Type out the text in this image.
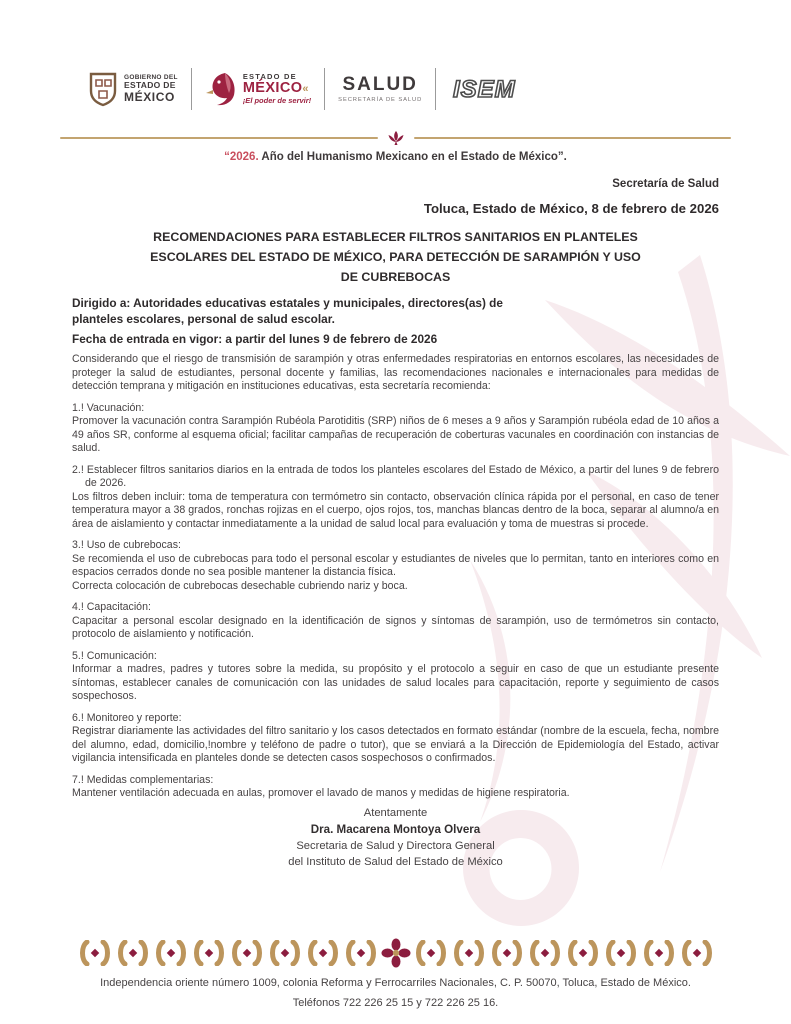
GOBIERNO DEL
ESTADO DE
MÉXICO
ESTADO DE
MÉXICO«
¡El poder de servir!
SALUD
SECRETARÍA DE SALUD ISEM

“2026. Año del Humanismo Mexicano en el Estado de México”.

Secretaría de Salud

Toluca, Estado de México, 8 de febrero de 2026

RECOMENDACIONES PARA ESTABLECER FILTROS SANITARIOS EN PLANTELES ESCOLARES DEL ESTADO DE MÉXICO, PARA DETECCIÓN DE SARAMPIÓN Y USO DE CUBREBOCAS

Dirigido a: Autoridades educativas estatales y municipales, directores(as) de planteles escolares, personal de salud escolar.

Fecha de entrada en vigor: a partir del lunes 9 de febrero de 2026

Considerando que el riesgo de transmisión de sarampión y otras enfermedades respiratorias en entornos escolares, las necesidades de proteger la salud de estudiantes, personal docente y familias, las recomendaciones nacionales e internacionales para medidas de detección temprana y mitigación en instituciones educativas, esta secretaría recomienda:

1.! Vacunación:

Promover la vacunación contra Sarampión Rubéola Parotiditis (SRP) niños de 6 meses a 9 años y Sarampión rubéola edad de 10 años a 49 años SR, conforme al esquema oficial; facilitar campañas de recuperación de coberturas vacunales en coordinación con instancias de salud.

2.! Establecer filtros sanitarios diarios en la entrada de todos los planteles escolares del Estado de México, a partir del lunes 9 de febrero de 2026.

Los filtros deben incluir: toma de temperatura con termómetro sin contacto, observación clínica rápida por el personal, en caso de tener temperatura mayor a 38 grados, ronchas rojizas en el cuerpo, ojos rojos, tos, manchas blancas dentro de la boca, separar al alumno/a en área de aislamiento y contactar inmediatamente a la unidad de salud local para evaluación y toma de muestras si procede.

3.! Uso de cubrebocas:

Se recomienda el uso de cubrebocas para todo el personal escolar y estudiantes de niveles que lo permitan, tanto en interiores como en espacios cerrados donde no sea posible mantener la distancia física.

Correcta colocación de cubrebocas desechable cubriendo nariz y boca.

4.! Capacitación:

Capacitar a personal escolar designado en la identificación de signos y síntomas de sarampión, uso de termómetros sin contacto, protocolo de aislamiento y notificación.

5.! Comunicación:

Informar a madres, padres y tutores sobre la medida, su propósito y el protocolo a seguir en caso de que un estudiante presente síntomas, establecer canales de comunicación con las unidades de salud locales para capacitación, reporte y seguimiento de casos sospechosos.

6.! Monitoreo y reporte:

Registrar diariamente las actividades del filtro sanitario y los casos detectados en formato estándar (nombre de la escuela, fecha, nombre del alumno, edad, domicilio,!nombre y teléfono de padre o tutor), que se enviará a la Dirección de Epidemiología del Estado, activar vigilancia intensificada en planteles donde se detecten casos sospechosos o confirmados.

7.! Medidas complementarias:

Mantener ventilación adecuada en aulas, promover el lavado de manos y medidas de higiene respiratoria.

Atentamente

Dra. Macarena Montoya Olvera

Secretaria de Salud y Directora General

del Instituto de Salud del Estado de México

Independencia oriente número 1009, colonia Reforma y Ferrocarriles Nacionales, C. P. 50070, Toluca, Estado de México.

Teléfonos 722 226 25 15 y 722 226 25 16.
